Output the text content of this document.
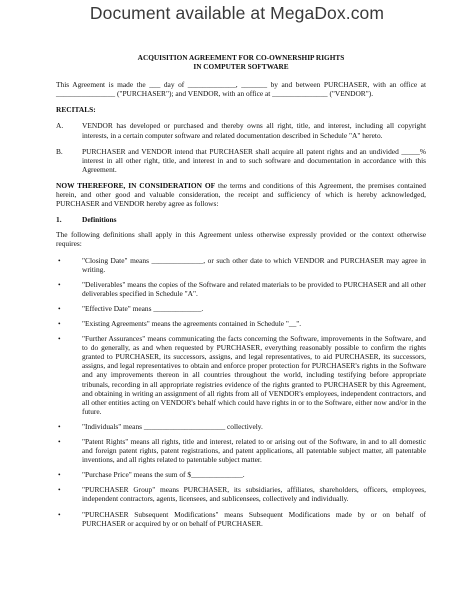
Document available at MegaDox.com
ACQUISITION AGREEMENT FOR CO-OWNERSHIP RIGHTS
IN COMPUTER SOFTWARE

This Agreement is made the ___ day of _____________, _______ by and between PURCHASER, with an office at ________________ ("PURCHASER"); and VENDOR, with an office at _______________ ("VENDOR").

RECITALS:
A.	VENDOR has developed or purchased and thereby owns all right, title, and interest, including all copyright interests, in a certain computer software and related documentation described in Schedule "A" hereto.
B.	PURCHASER and VENDOR intend that PURCHASER shall acquire all patent rights and an undivided _____% interest in all other right, title, and interest in and to such software and documentation in accordance with this Agreement.

NOW THEREFORE, IN CONSIDERATION OF the terms and conditions of this Agreement, the premises contained herein, and other good and valuable consideration, the receipt and sufficiency of which is hereby acknowledged, PURCHASER and VENDOR hereby agree as follows:

1.	Definitions

The following definitions shall apply in this Agreement unless otherwise expressly provided or the context otherwise requires:

•	"Closing Date" means ______________, or such other date to which VENDOR and PURCHASER may agree in writing.
•	"Deliverables" means the copies of the Software and related materials to be provided to PURCHASER and all other deliverables specified in Schedule "A".
•	"Effective Date" means _____________.
•	"Existing Agreements" means the agreements contained in Schedule "__".
•	"Further Assurances" means communicating the facts concerning the Software, improvements in the Software, and to do generally, as and when requested by PURCHASER, everything reasonably possible to confirm the rights granted to PURCHASER, its successors, assigns, and legal representatives, to aid PURCHASER, its successors, assigns, and legal representatives to obtain and enforce proper protection for PURCHASER's rights in the Software and any improvements thereon in all countries throughout the world, including testifying before appropriate tribunals, recording in all appropriate registries evidence of the rights granted to PURCHASER by this Agreement, and obtaining in writing an assignment of all rights from all of VENDOR's employees, independent contractors, and all other entities acting on VENDOR's behalf which could have rights in or to the Software, either now and/or in the future.
•	"Individuals" means ______________________ collectively.
•	"Patent Rights" means all rights, title and interest, related to or arising out of the Software, in and to all domestic and foreign patent rights, patent registrations, and patent applications, all patentable subject matter, all patentable inventions, and all rights related to patentable subject matter.
•	"Purchase Price" means the sum of $______________.
•	"PURCHASER Group" means PURCHASER, its subsidiaries, affiliates, shareholders, officers, employees, independent contractors, agents, licensees, and sublicensees, collectively and individually.
•	"PURCHASER Subsequent Modifications" means Subsequent Modifications made by or on behalf of PURCHASER or acquired by or on behalf of PURCHASER.
